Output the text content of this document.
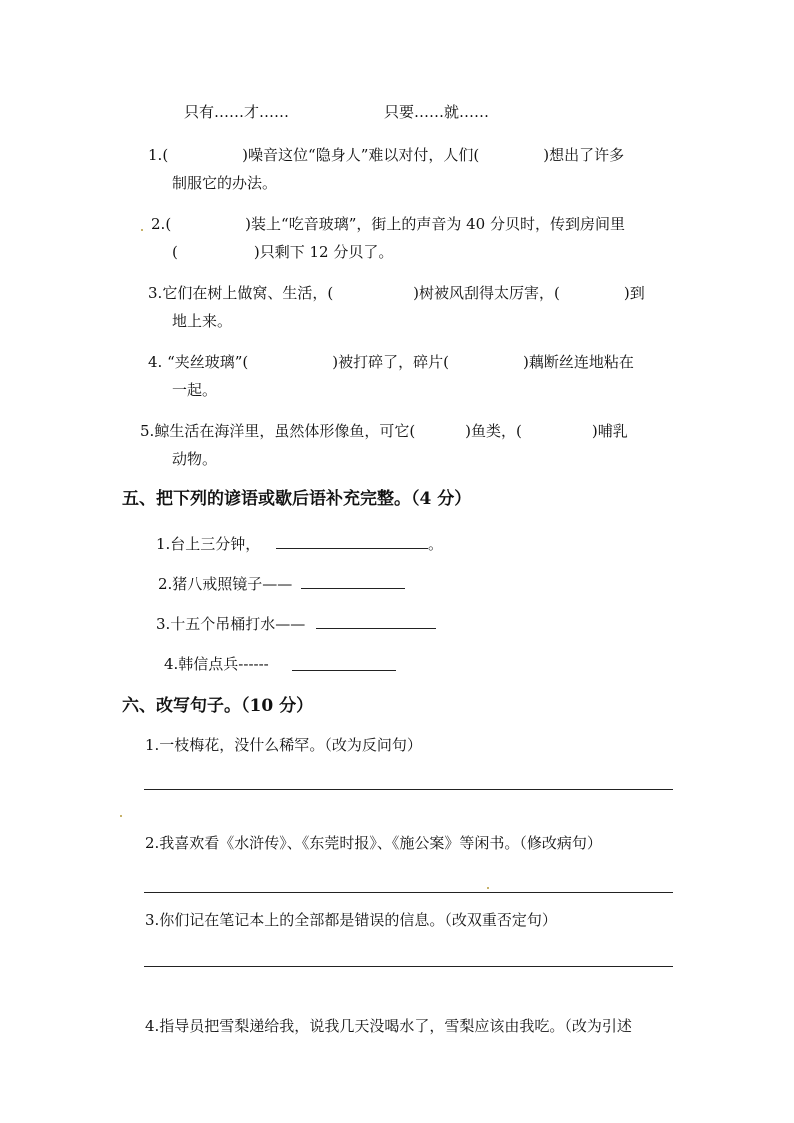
只有……才……	只要……就……
1.(	)噪音这位“隐身人”难以对付，人们(	)想出了许多
制服它的办法。
2.(	)装上“吃音玻璃”，街上的声音为 40 分贝时，传到房间里
(	)只剩下 12 分贝了。
3.它们在树上做窝、生活，(	)树被风刮得太厉害，(	)到
地上来。
4. “夹丝玻璃”(	)被打碎了，碎片(	)藕断丝连地粘在
一起。
5.鲸生活在海洋里，虽然体形像鱼，可它(	)鱼类，(	)哺乳
动物。
五、把下列的谚语或歇后语补充完整。（4 分）
1.台上三分钟，	。
2.猪八戒照镜子——
3.十五个吊桶打水——
4.韩信点兵------
六、改写句子。（10 分）
1.一枝梅花，没什么稀罕。（改为反问句）
2.我喜欢看《水浒传》、《东莞时报》、《施公案》等闲书。（修改病句）
3.你们记在笔记本上的全部都是错误的信息。（改双重否定句）
4.指导员把雪梨递给我，说我几天没喝水了，雪梨应该由我吃。（改为引述
